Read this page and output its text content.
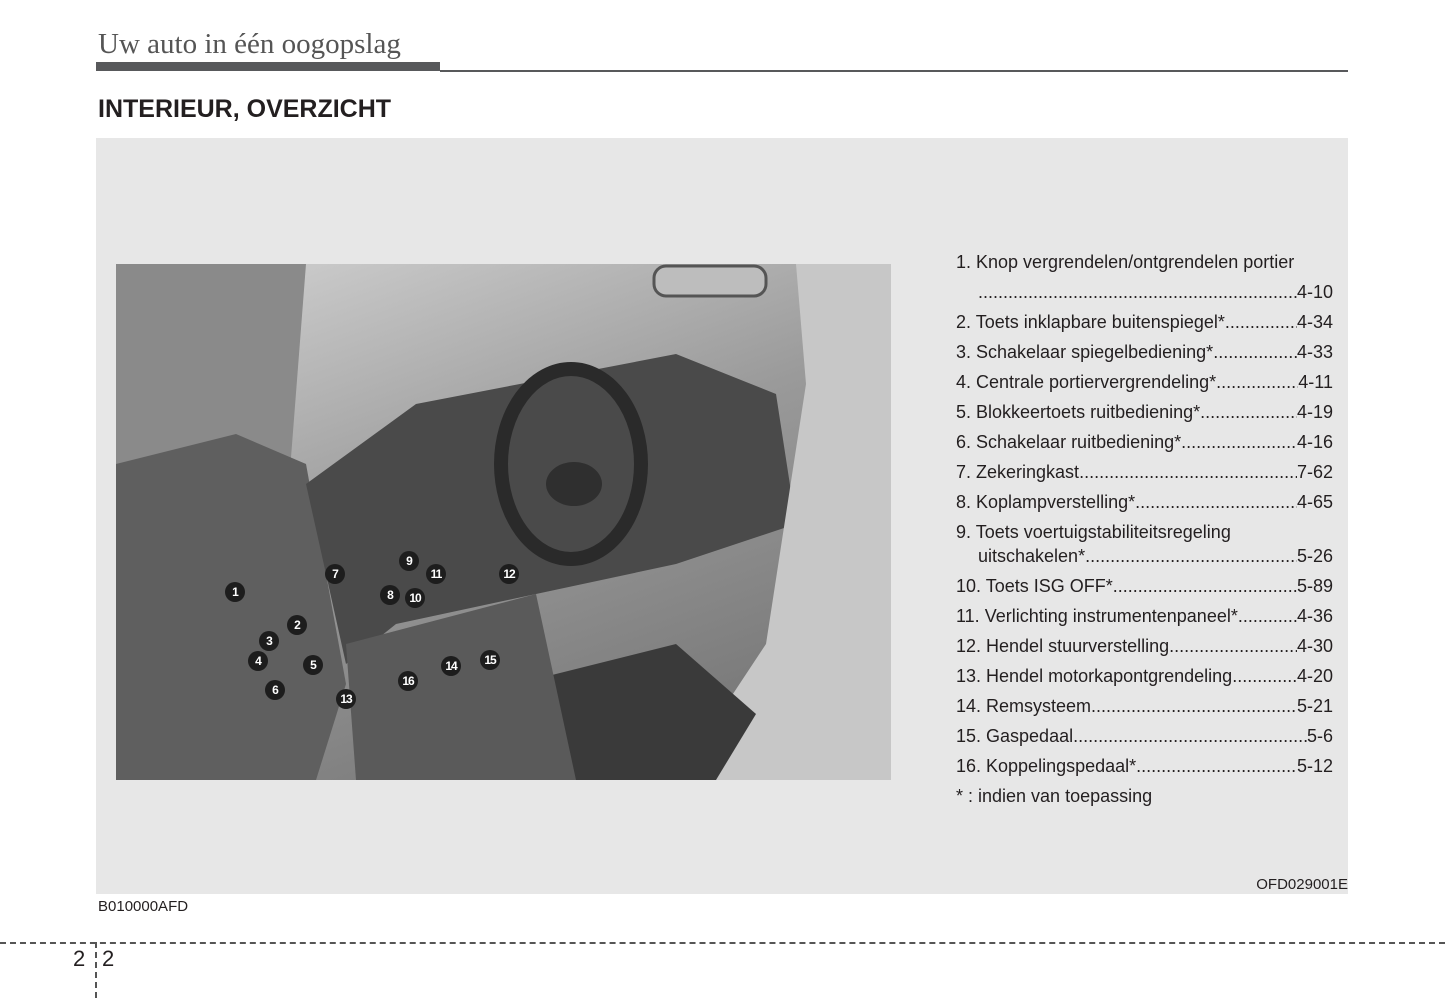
Uw auto in één oogopslag
INTERIEUR, OVERZICHT
1
2
3
4	5
6
7
8
9
10
11	12
13
14	15
16
1. Knop vergrendelen/ontgrendelen portier
.....
4-10
2. Toets inklapbare buitenspiegel* .....	4-34
3. Schakelaar spiegelbediening* .....	4-33
4. Centrale portiervergrendeling* .....	4-11
5. Blokkeertoets ruitbediening* .....	4-19
6. Schakelaar ruitbediening* .....	4-16
7. Zekeringkast .....	7-62
8. Koplampverstelling* .....	4-65
9. Toets voertuigstabiliteitsregeling
uitschakelen* .....	5-26
10. Toets ISG OFF* .....	5-89
11. Verlichting instrumentenpaneel* .....	4-36
12. Hendel stuurverstelling .....	4-30
13. Hendel motorkapontgrendeling .....	4-20
14. Remsysteem .....	5-21
15. Gaspedaal .....	5-6
16. Koppelingspedaal* .....	5-12
* : indien van toepassing
OFD029001E
B010000AFD
2 2
